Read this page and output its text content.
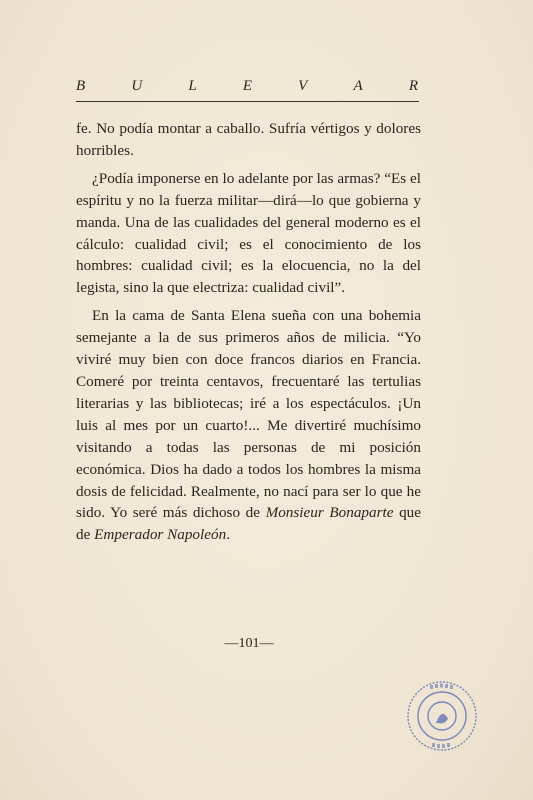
B	U	L	E	V	A	R

fe. No podía montar a caballo. Sufría vértigos y dolores horribles.

¿Podía imponerse en lo adelante por las armas? “Es el espíritu y no la fuerza militar—dirá—lo que gobierna y manda. Una de las cualidades del general moderno es el cálculo: cualidad civil; es el conocimiento de los hombres: cualidad civil; es la elocuencia, no la del legista, sino la que electriza: cualidad civil”.

En la cama de Santa Elena sueña con una bohemia semejante a la de sus primeros años de milicia. “Yo viviré muy bien con doce francos diarios en Francia. Comeré por treinta centavos, frecuentaré las tertulias literarias y las bibliotecas; iré a los espectáculos. ¡Un luis al mes por un cuarto!... Me divertiré muchísimo visitando a todas las personas de mi posición económica. Dios ha dado a todos los hombres la misma dosis de felicidad. Realmente, no nací para ser lo que he sido. Yo seré más dichoso de Monsieur Bonaparte que de Emperador Napoleón.

—101—
